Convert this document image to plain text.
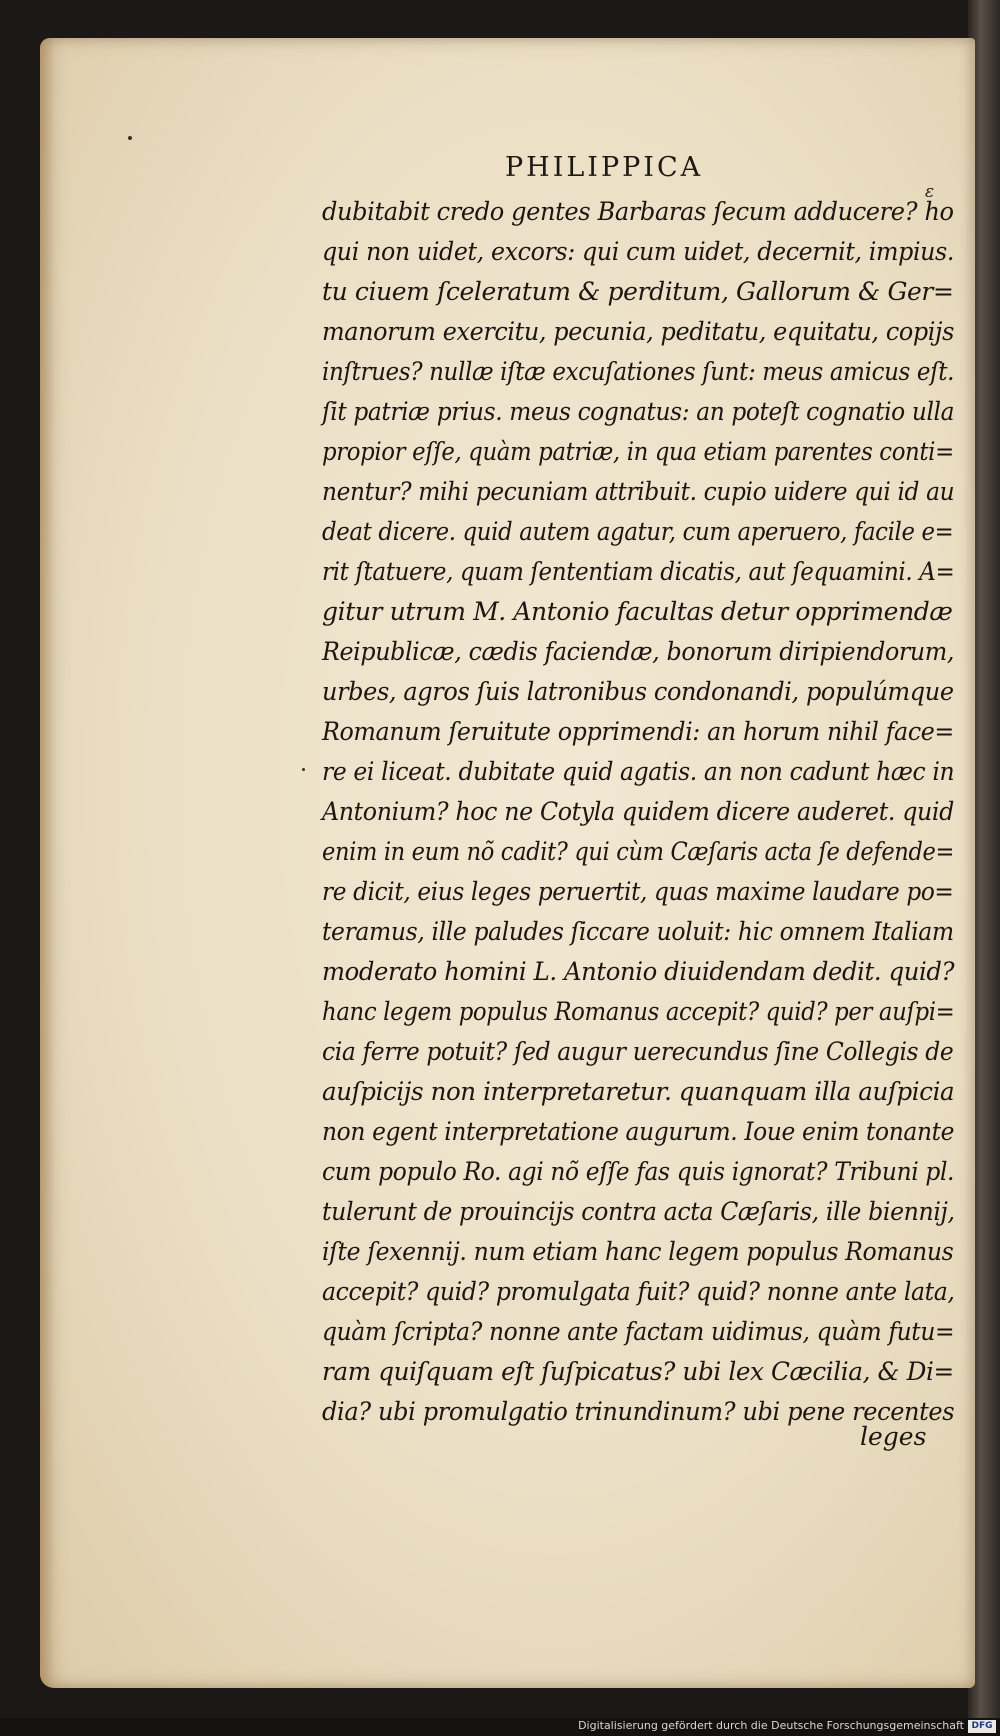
PHILIPPICA
ε
dubitabit credo gentes Barbaras ſecum adducere? ho
qui non uidet, excors: qui cum uidet, decernit, impius.
tu ciuem ſceleratum & perditum, Gallorum & Ger=
manorum exercitu, pecunia, peditatu, equitatu, copijs
inſtrues? nullæ iſtæ excuſationes ſunt: meus amicus eſt.
ſit patriæ prius. meus cognatus: an poteſt cognatio ulla
propior eſſe, quàm patriæ, in qua etiam parentes conti=
nentur? mihi pecuniam attribuit. cupio uidere qui id au
deat dicere. quid autem agatur, cum aperuero, facile e=
rit ſtatuere, quam ſententiam dicatis, aut ſequamini. A=
gitur utrum M. Antonio facultas detur opprimendæ
Reipublicæ, cædis faciendæ, bonorum diripiendorum,
urbes, agros ſuis latronibus condonandi, populúmque
Romanum ſeruitute opprimendi: an horum nihil face=
re ei liceat. dubitate quid agatis. an non cadunt hæc in
Antonium? hoc ne Cotyla quidem dicere auderet. quid
enim in eum nõ cadit? qui cùm Cæſaris acta ſe defende=
re dicit, eius leges peruertit, quas maxime laudare po=
teramus, ille paludes ſiccare uoluit: hic omnem Italiam
moderato homini L. Antonio diuidendam dedit. quid?
hanc legem populus Romanus accepit? quid? per auſpi=
cia ferre potuit? ſed augur uerecundus ſine Collegis de
auſpicijs non interpretaretur. quanquam illa auſpicia
non egent interpretatione augurum. Ioue enim tonante
cum populo Ro. agi nõ eſſe fas quis ignorat? Tribuni pl.
tulerunt de prouincijs contra acta Cæſaris, ille biennij,
iſte ſexennij. num etiam hanc legem populus Romanus
accepit? quid? promulgata fuit? quid? nonne ante lata,
quàm ſcripta? nonne ante factam uidimus, quàm futu=
ram quiſquam eſt ſuſpicatus? ubi lex Cæcilia, & Di=
dia? ubi promulgatio trinundinum? ubi pene recentes
leges
Digitalisierung gefördert durch die Deutsche Forschungsgemeinschaft DFG
